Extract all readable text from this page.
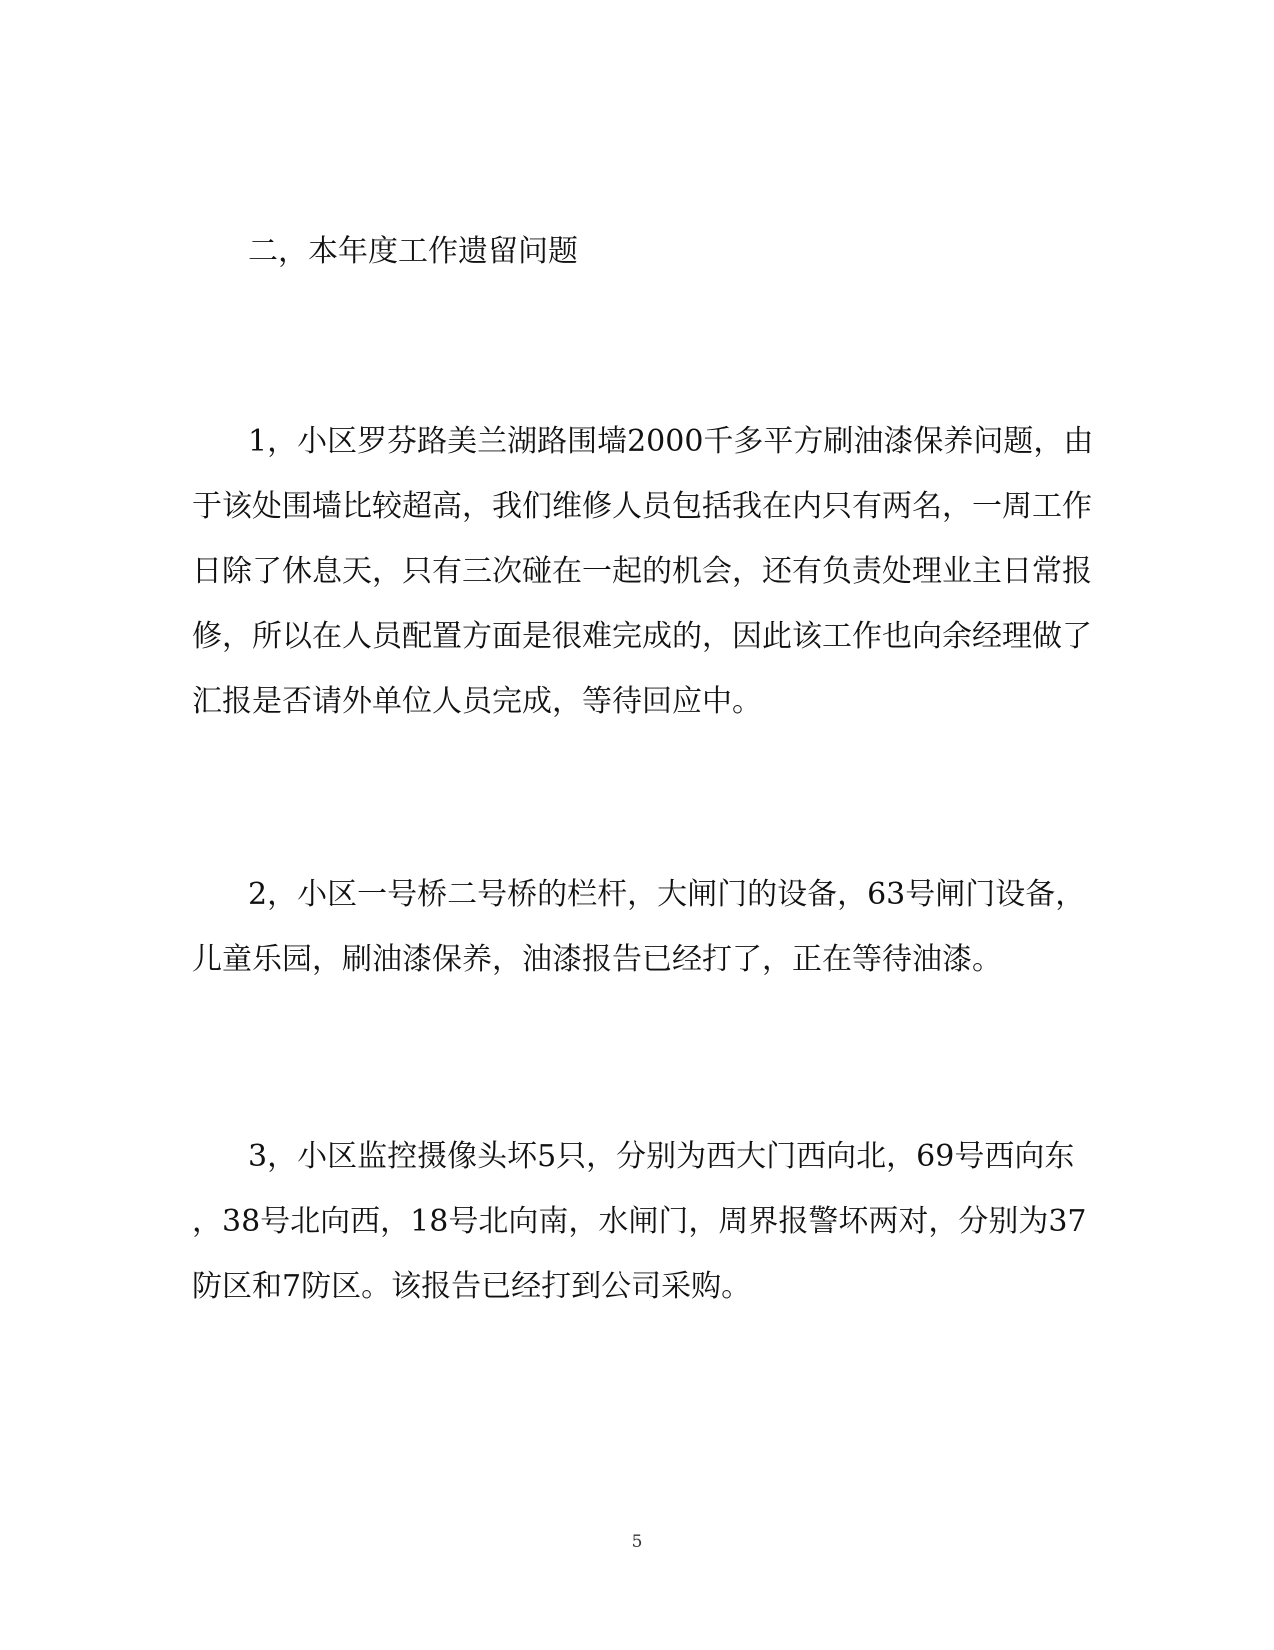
二，本年度工作遗留问题
1，小区罗芬路美兰湖路围墙2000千多平方刷油漆保养问题，由
于该处围墙比较超高，我们维修人员包括我在内只有两名，一周工作
日除了休息天，只有三次碰在一起的机会，还有负责处理业主日常报
修，所以在人员配置方面是很难完成的，因此该工作也向余经理做了
汇报是否请外单位人员完成，等待回应中。
2，小区一号桥二号桥的栏杆，大闸门的设备，63号闸门设备，
儿童乐园，刷油漆保养，油漆报告已经打了，正在等待油漆。
3，小区监控摄像头坏5只，分别为西大门西向北，69号西向东
，38号北向西，18号北向南，水闸门，周界报警坏两对，分别为37
防区和7防区。该报告已经打到公司采购。
5
